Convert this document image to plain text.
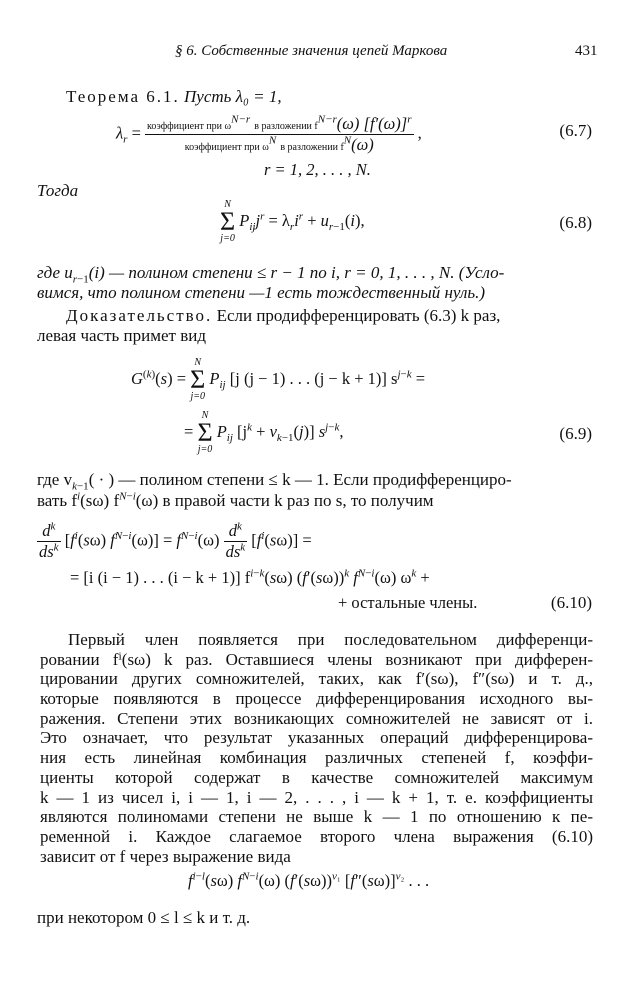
§ 6. Собственные значения цепей Маркова	431
Теорема 6.1. Пусть λ₀ = 1,
$\lambda_r = \frac{коэффициент при \omega^{N-r} в разложении f^{N-r}(\omega) [f'(\omega)]^r}{коэффициент при \omega^N в разложении f^N(\omega)}$ ,	(6.7)
r = 1, 2, . . . , N.
Тогда
N
Σ
j=0
$P_{ij}j^r = \lambda_ri^r + u_{r-1}(i)$,	(6.8)
где $u_{r-1}(i)$ — полином степени ≤ r − 1 по i, r = 0, 1, . . . , N. (Усло-
вимся, что полином степени —1 есть тождественный нуль.)
Доказательство. Если продифференцировать (6.3) k раз,
левая часть примет вид
$G^{(k)}(s)$ =
N
Σ
j=0
$P_{ij}$ [j (j − 1) . . . (j − k + 1)] $s^{j-k}$ =
=
N
Σ
j=0
$P_{ij}$ $[j^k + v_{k-1}(j)]$ $s^{j-k}$,	(6.9)
где $v_{k-1}$( · ) — полином степени ≤ k — 1. Если продифференциро-
вать $f^i(s\omega)$ $f^{N-i}(\omega)$ в правой части k раз по s, то получим
$\frac{d^k}{ds^k} [f^i(s\omega) f^{N-i}(\omega)] = f^{N-i}(\omega) \frac{d^k}{ds^k} [f^i(s\omega)]$ =
= [i (i − 1) . . . (i − k + 1)] $f^{i-k}(s\omega)$ $(f'(s\omega))^k$ $f^{N-i}(\omega) \omega^k$ +
+ остальные члены.	(6.10)
Первый член появляется при последовательном дифференци-
ровании fⁱ(sω) k раз. Оставшиеся члены возникают при дифферен-
цировании других сомножителей, таких, как f′(sω), f″(sω) и т. д.,
которые появляются в процессе дифференцирования исходного вы-
ражения. Степени этих возникающих сомножителей не зависят от i.
Это означает, что результат указанных операций дифференцирова-
ния есть линейная комбинация различных степеней f, коэффи-
циенты которой содержат в качестве сомножителей максимум
k — 1 из чисел i, i — 1, i — 2, . . . , i — k + 1, т. е. коэффициенты
являются полиномами степени не выше k — 1 по отношению к пе-
ременной i. Каждое слагаемое второго члена выражения (6.10)
зависит от f через выражение вида
$f^{i-l}(s\omega)$ $f^{N-i}(\omega)$ $(f'(s\omega))^{v_1}$ $[f''(s\omega)]^{v_2}$ . . .
при некотором 0 ≤ l ≤ k и т. д.
